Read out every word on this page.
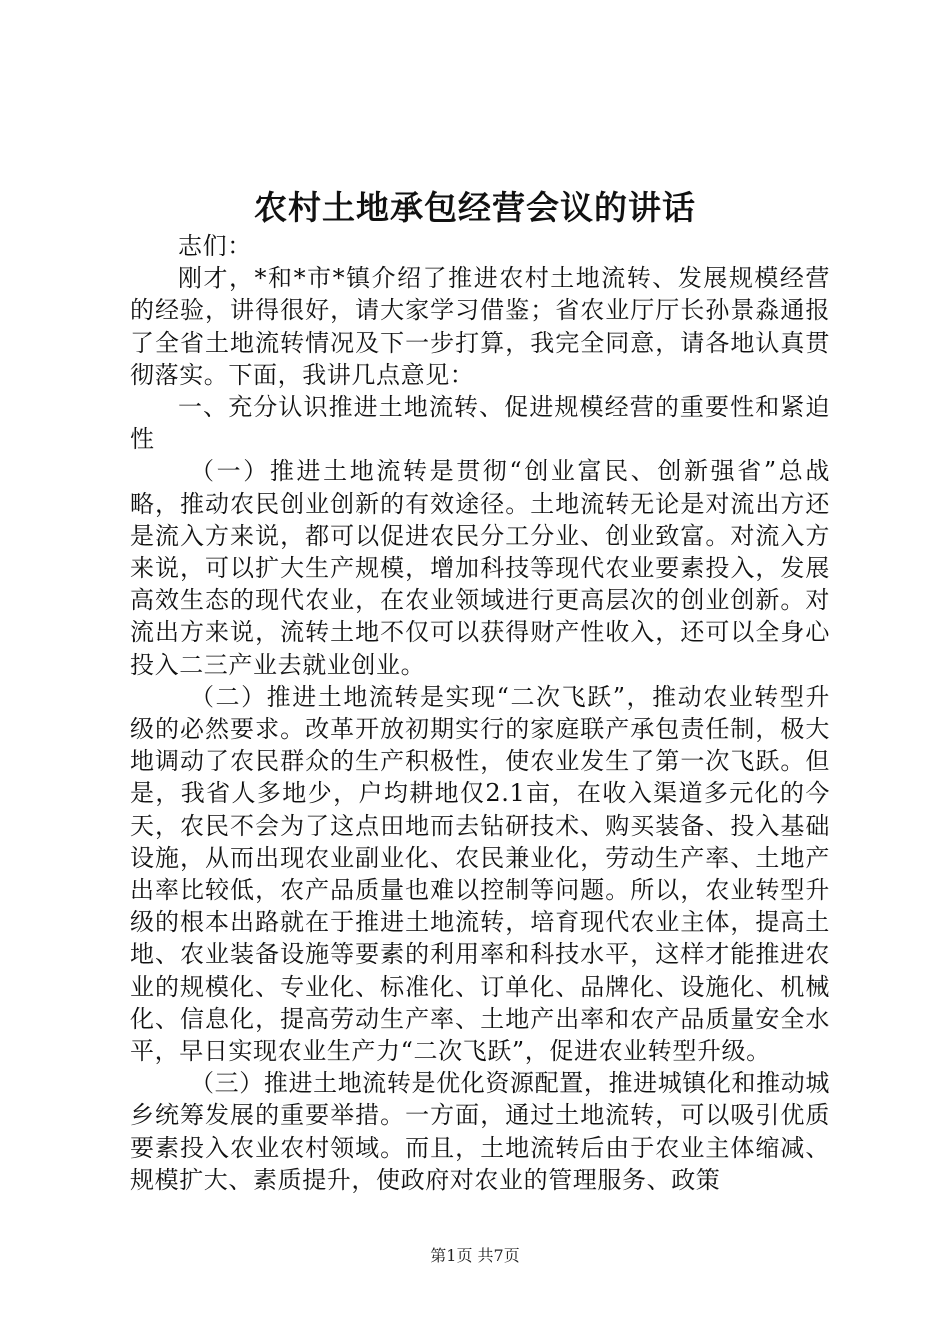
农村土地承包经营会议的讲话

志们：

刚才，*和*市*镇介绍了推进农村土地流转、发展规模经营的经验，讲得很好，请大家学习借鉴；省农业厅厅长孙景淼通报了全省土地流转情况及下一步打算，我完全同意，请各地认真贯彻落实。下面，我讲几点意见：

一、充分认识推进土地流转、促进规模经营的重要性和紧迫性

（一）推进土地流转是贯彻“创业富民、创新强省”总战略，推动农民创业创新的有效途径。土地流转无论是对流出方还是流入方来说，都可以促进农民分工分业、创业致富。对流入方来说，可以扩大生产规模，增加科技等现代农业要素投入，发展高效生态的现代农业，在农业领域进行更高层次的创业创新。对流出方来说，流转土地不仅可以获得财产性收入，还可以全身心投入二三产业去就业创业。

（二）推进土地流转是实现“二次飞跃”，推动农业转型升级的必然要求。改革开放初期实行的家庭联产承包责任制，极大地调动了农民群众的生产积极性，使农业发生了第一次飞跃。但是，我省人多地少，户均耕地仅2.1亩，在收入渠道多元化的今天，农民不会为了这点田地而去钻研技术、购买装备、投入基础设施，从而出现农业副业化、农民兼业化，劳动生产率、土地产出率比较低，农产品质量也难以控制等问题。所以，农业转型升级的根本出路就在于推进土地流转，培育现代农业主体，提高土地、农业装备设施等要素的利用率和科技水平，这样才能推进农业的规模化、专业化、标准化、订单化、品牌化、设施化、机械化、信息化，提高劳动生产率、土地产出率和农产品质量安全水平，早日实现农业生产力“二次飞跃”，促进农业转型升级。

（三）推进土地流转是优化资源配置，推进城镇化和推动城乡统筹发展的重要举措。一方面，通过土地流转，可以吸引优质要素投入农业农村领域。而且，土地流转后由于农业主体缩减、规模扩大、素质提升，使政府对农业的管理服务、政策

第1页 共7页
